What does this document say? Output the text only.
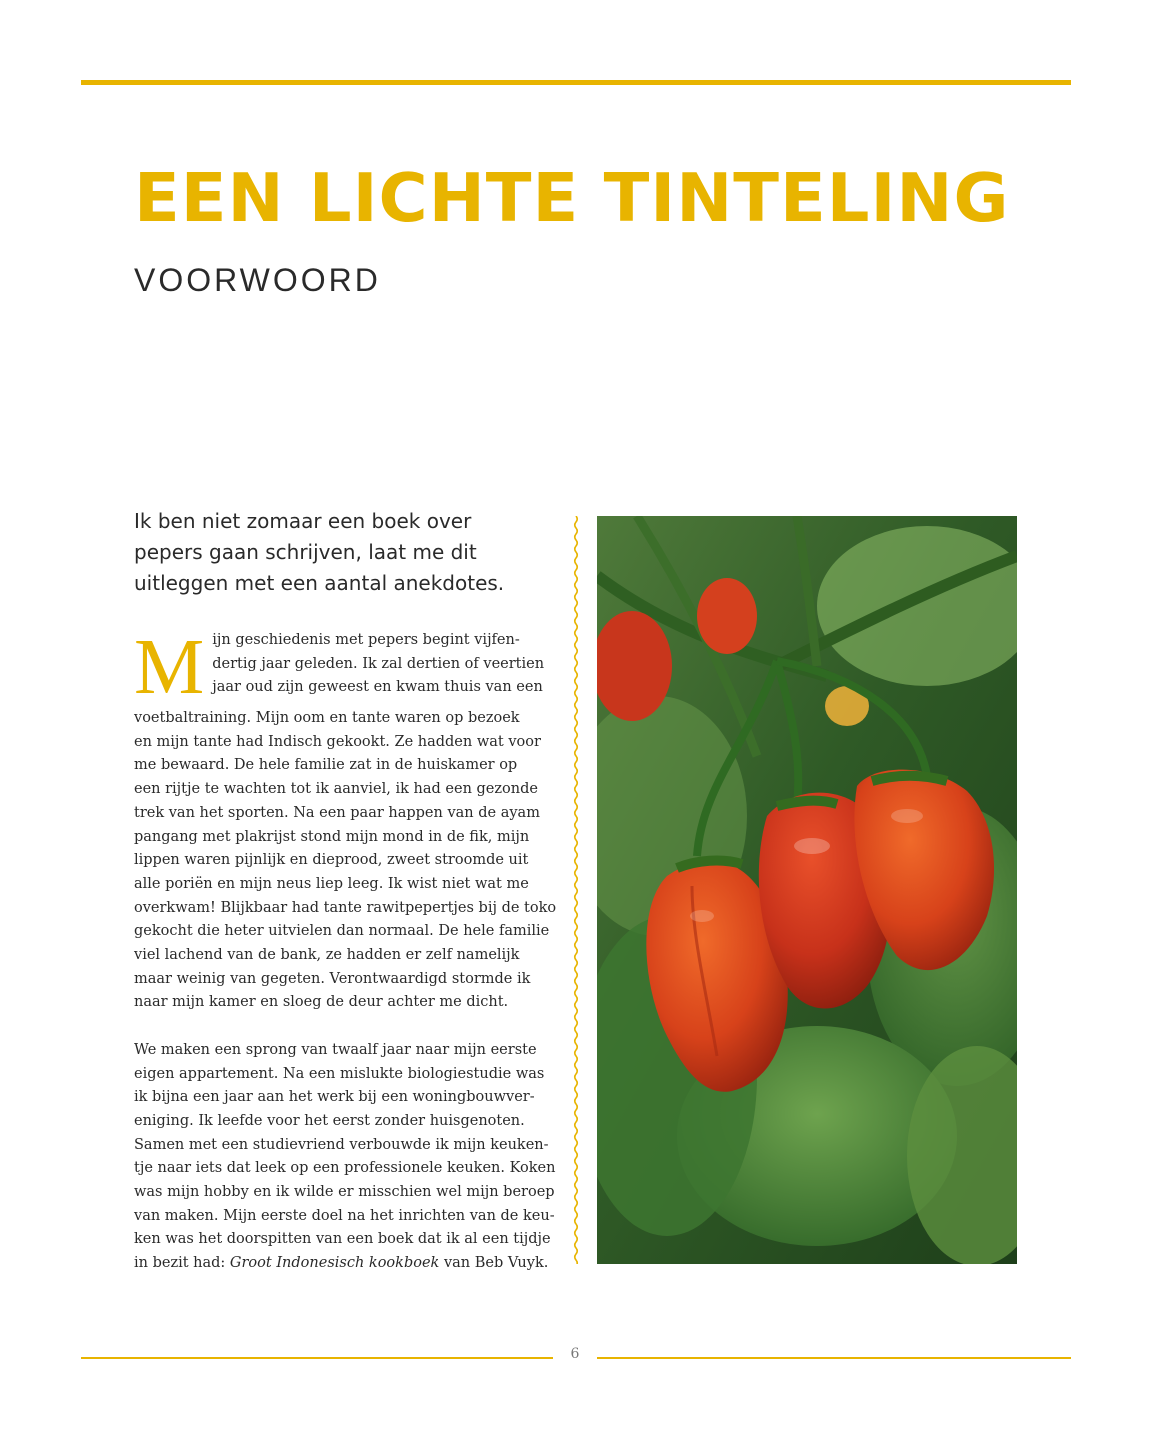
EEN LICHTE TINTELING
VOORWOORD
Ik ben niet zomaar een boek over
pepers gaan schrijven, laat me dit
uitleggen met een aantal anekdotes.
M ijn geschiedenis met pepers begint vijfen-
dertig jaar geleden. Ik zal dertien of veertien
jaar oud zijn geweest en kwam thuis van een
voetbaltraining. Mijn oom en tante waren op bezoek
en mijn tante had Indisch gekookt. Ze hadden wat voor
me bewaard. De hele familie zat in de huiskamer op
een rijtje te wachten tot ik aanviel, ik had een gezonde
trek van het sporten. Na een paar happen van de ayam
pangang met plakrijst stond mijn mond in de fik, mijn
lippen waren pijnlijk en dieprood, zweet stroomde uit
alle poriën en mijn neus liep leeg. Ik wist niet wat me
overkwam! Blijkbaar had tante rawitpepertjes bij de toko
gekocht die heter uitvielen dan normaal. De hele familie
viel lachend van de bank, ze hadden er zelf namelijk
maar weinig van gegeten. Verontwaardigd stormde ik
naar mijn kamer en sloeg de deur achter me dicht.
We maken een sprong van twaalf jaar naar mijn eerste
eigen appartement. Na een mislukte biologiestudie was
ik bijna een jaar aan het werk bij een woningbouwver-
eniging. Ik leefde voor het eerst zonder huisgenoten.
Samen met een studievriend verbouwde ik mijn keuken-
tje naar iets dat leek op een professionele keuken. Koken
was mijn hobby en ik wilde er misschien wel mijn beroep
van maken. Mijn eerste doel na het inrichten van de keu-
ken was het doorspitten van een boek dat ik al een tijdje
in bezit had: Groot Indonesisch kookboek van Beb Vuyk.
6
